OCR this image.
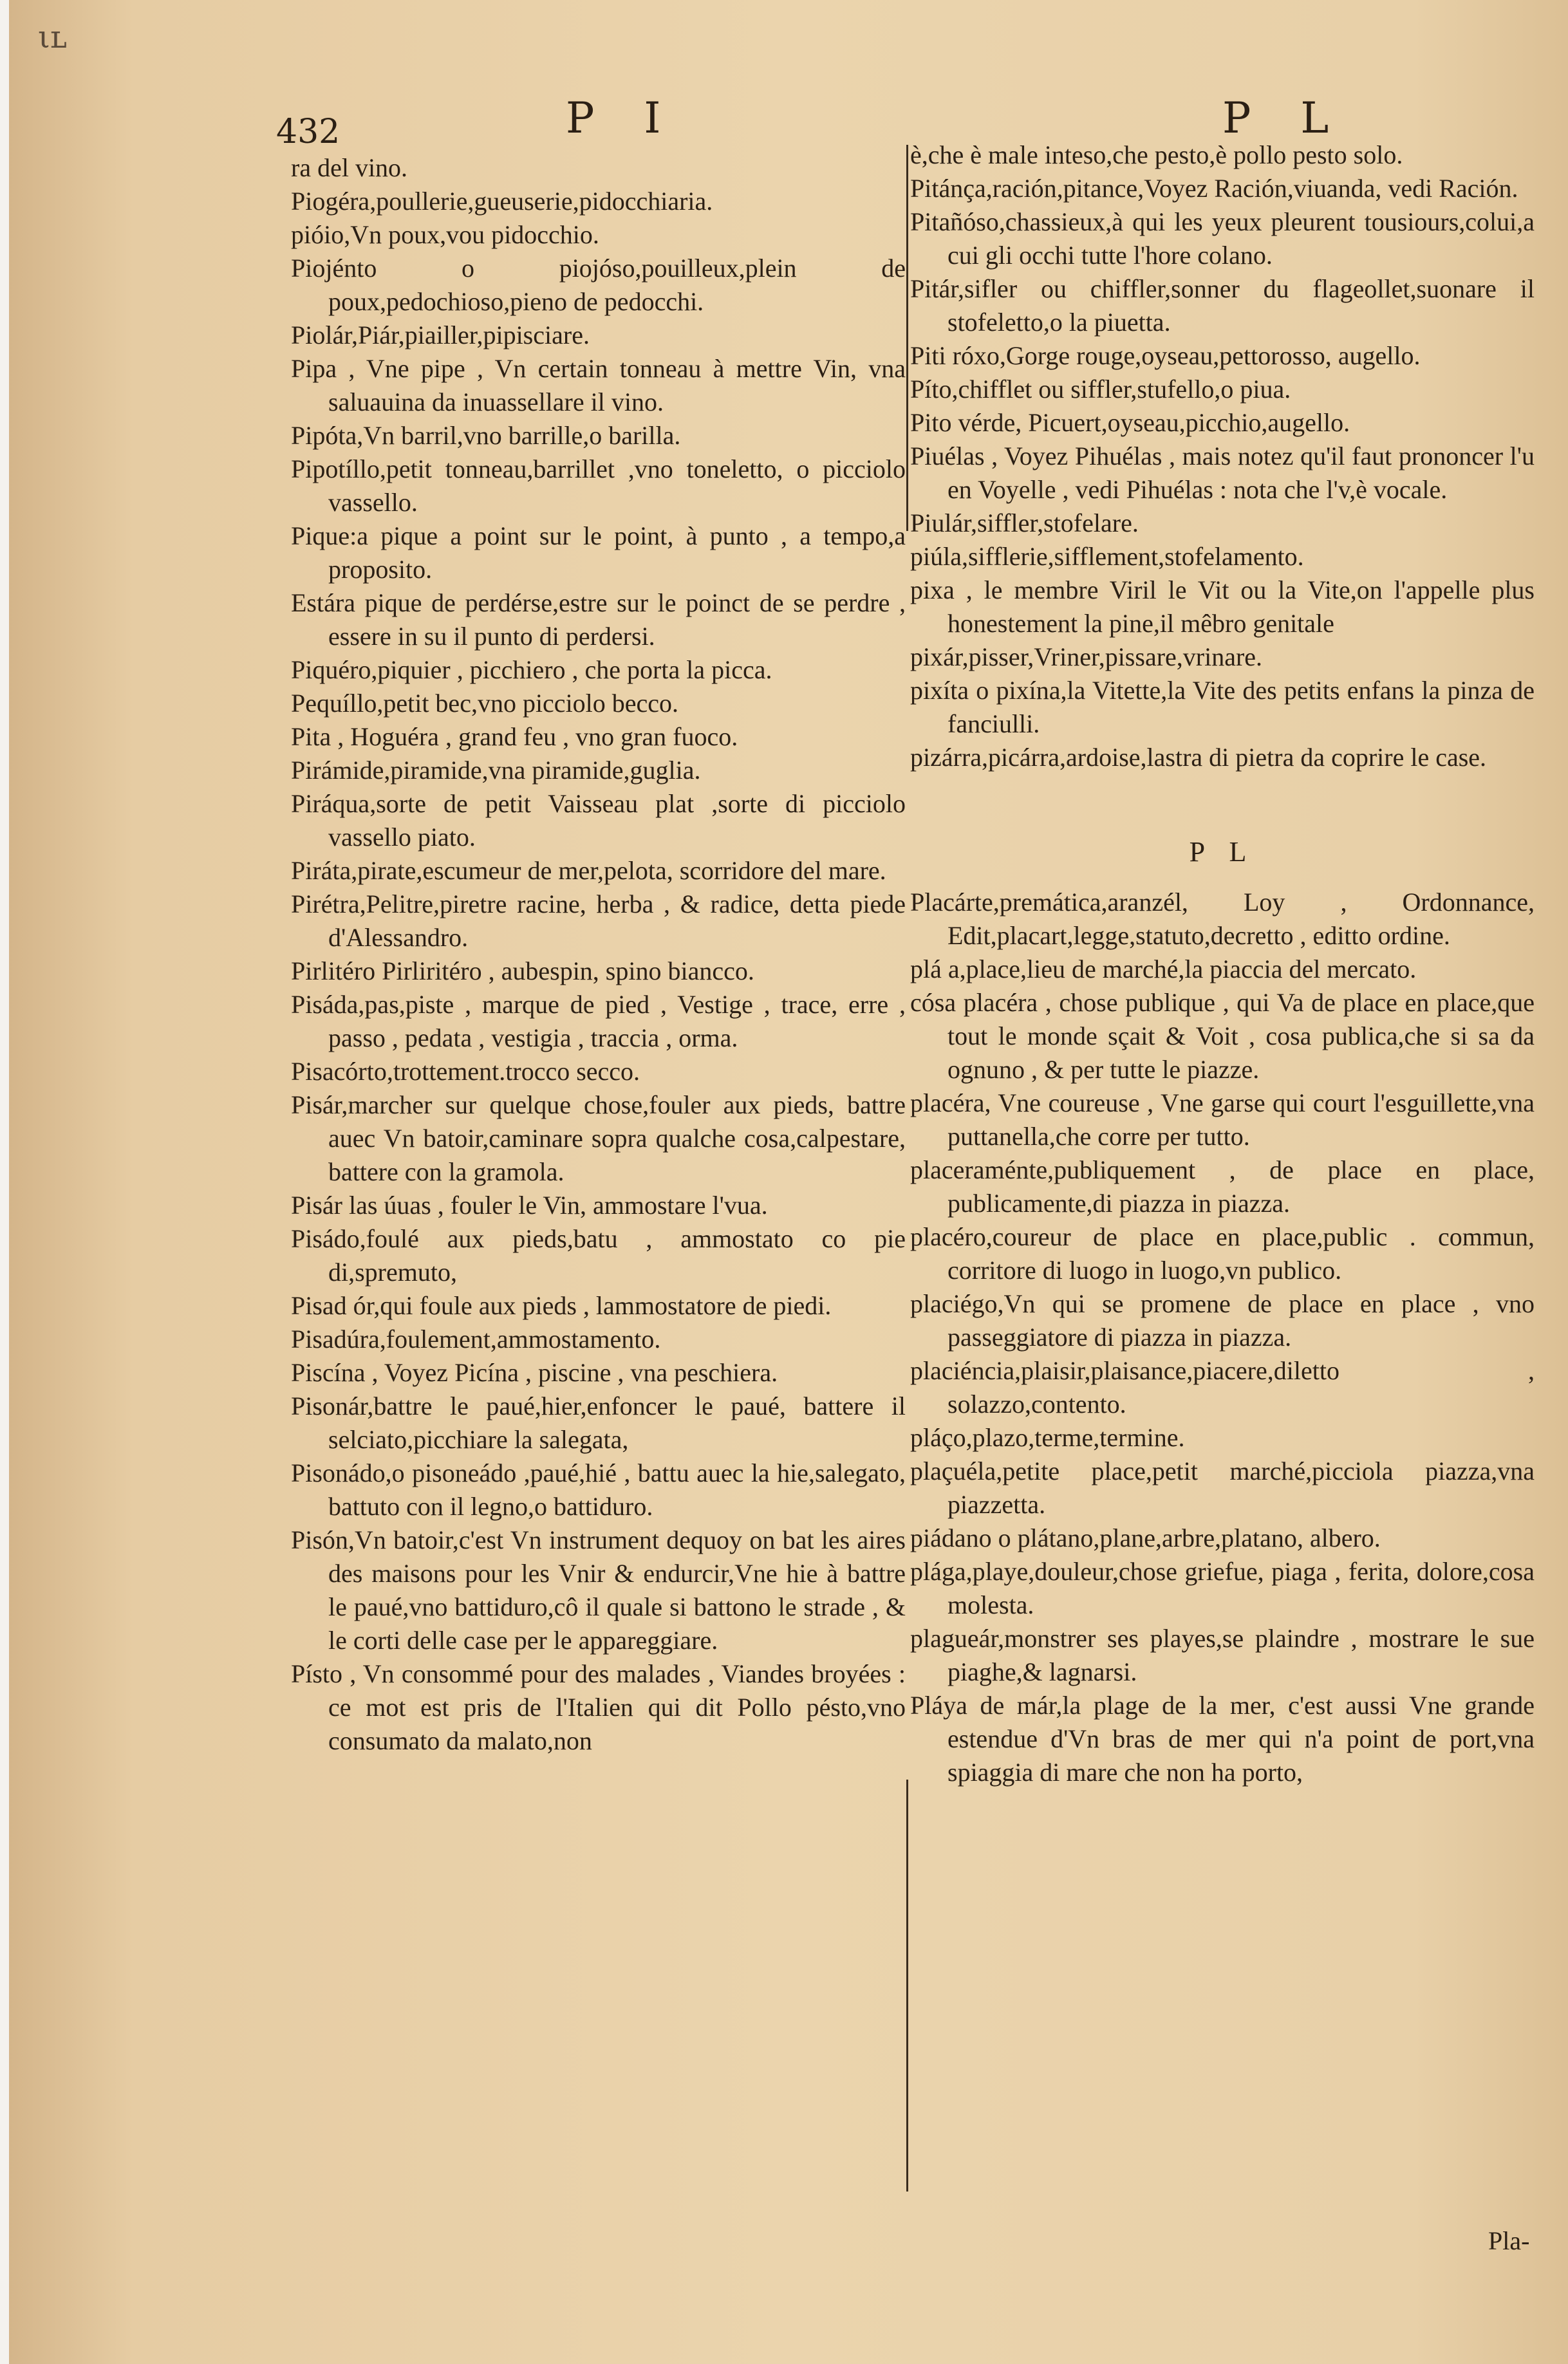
ιʟ
432	P I	P L

ra del vino.

Piogéra,poullerie,gueuserie,pidocchiaria.

pióio,Vn poux,vou pidocchio.

Piojénto o piojóso,pouilleux,plein de poux,pedochioso,pieno de pedocchi.

Piolár,Piár,piailler,pipisciare.

Pipa , Vne pipe , Vn certain tonneau à mettre Vin, vna saluauina da inuassellare il vino.

Pipóta,Vn barril,vno barrille,o barilla.

Pipotíllo,petit tonneau,barrillet ,vno toneletto, o picciolo vassello.

Pique:a pique a point sur le point, à punto , a tempo,a proposito.

Estára pique de perdérse,estre sur le poinct de se perdre , essere in su il punto di perdersi.

Piquéro,piquier , picchiero , che porta la picca.

Pequíllo,petit bec,vno picciolo becco.

Pita , Hoguéra , grand feu , vno gran fuoco.

Pirámide,piramide,vna piramide,guglia.

Piráqua,sorte de petit Vaisseau plat ,sorte di picciolo vassello piato.

Piráta,pirate,escumeur de mer,pelota, scorridore del mare.

Pirétra,Pelitre,piretre racine, herba , & radice, detta piede d'Alessandro.

Pirlitéro Pirliritéro , aubespin, spino biancco.

Pisáda,pas,piste , marque de pied , Vestige , trace, erre , passo , pedata , vestigia , traccia , orma.

Pisacórto,trottement.trocco secco.

Pisár,marcher sur quelque chose,fouler aux pieds, battre auec Vn batoir,caminare sopra qualche cosa,calpestare, battere con la gramola.

Pisár las úuas , fouler le Vin, ammostare l'vua.

Pisádo,foulé aux pieds,batu , ammostato co pie di,spremuto,

Pisad ór,qui foule aux pieds , lammostatore de piedi.

Pisadúra,foulement,ammostamento.

Piscína , Voyez Picína , piscine , vna peschiera.

Pisonár,battre le paué,hier,enfoncer le paué, battere il selciato,picchiare la salegata,

Pisonádo,o pisoneádo ,paué,hié , battu auec la hie,salegato, battuto con il legno,o battiduro.

Pisón,Vn batoir,c'est Vn instrument dequoy on bat les aires des maisons pour les Vnir & endurcir,Vne hie à battre le paué,vno battiduro,cô il quale si battono le strade , & le corti delle case per le appareggiare.

Písto , Vn consommé pour des malades , Viandes broyées : ce mot est pris de l'Italien qui dit Pollo pésto,vno consumato da malato,non

è,che è male inteso,che pesto,è pollo pesto solo.

Pitánça,ración,pitance,Voyez Ración,viuanda, vedi Ración.

Pitañóso,chassieux,à qui les yeux pleurent tousiours,colui,a cui gli occhi tutte l'hore colano.

Pitár,sifler ou chiffler,sonner du flageollet,suonare il stofeletto,o la piuetta.

Piti róxo,Gorge rouge,oyseau,pettorosso, augello.

Píto,chifflet ou siffler,stufello,o piua.

Pito vérde, Picuert,oyseau,picchio,augello.

Piuélas , Voyez Pihuélas , mais notez qu'il faut prononcer l'u en Voyelle , vedi Pihuélas : nota che l'v,è vocale.

Piulár,siffler,stofelare.

piúla,sifflerie,sifflement,stofelamento.

pixa , le membre Viril le Vit ou la Vite,on l'appelle plus honestement la pine,il mêbro genitale

pixár,pisser,Vriner,pissare,vrinare.

pixíta o pixína,la Vitette,la Vite des petits enfans la pinza de fanciulli.

pizárra,picárra,ardoise,lastra di pietra da coprire le case.

P L

Placárte,premática,aranzél, Loy , Ordonnance, Edit,placart,legge,statuto,decretto , editto ordine.

plá a,place,lieu de marché,la piaccia del mercato.

cósa placéra , chose publique , qui Va de place en place,que tout le monde sçait & Voit , cosa publica,che si sa da ognuno , & per tutte le piazze.

placéra, Vne coureuse , Vne garse qui court l'esguillette,vna puttanella,che corre per tutto.

placeraménte,publiquement , de place en place, publicamente,di piazza in piazza.

placéro,coureur de place en place,public . commun, corritore di luogo in luogo,vn publico.

placiégo,Vn qui se promene de place en place , vno passeggiatore di piazza in piazza.

placiéncia,plaisir,plaisance,piacere,diletto , solazzo,contento.

pláço,plazo,terme,termine.

plaçuéla,petite place,petit marché,picciola piazza,vna piazzetta.

piádano o plátano,plane,arbre,platano, albero.

plága,playe,douleur,chose griefue, piaga , ferita, dolore,cosa molesta.

plagueár,monstrer ses playes,se plaindre , mostrare le sue piaghe,& lagnarsi.

Pláya de már,la plage de la mer, c'est aussi Vne grande estendue d'Vn bras de mer qui n'a point de port,vna spiaggia di mare che non ha porto,

Pla-
